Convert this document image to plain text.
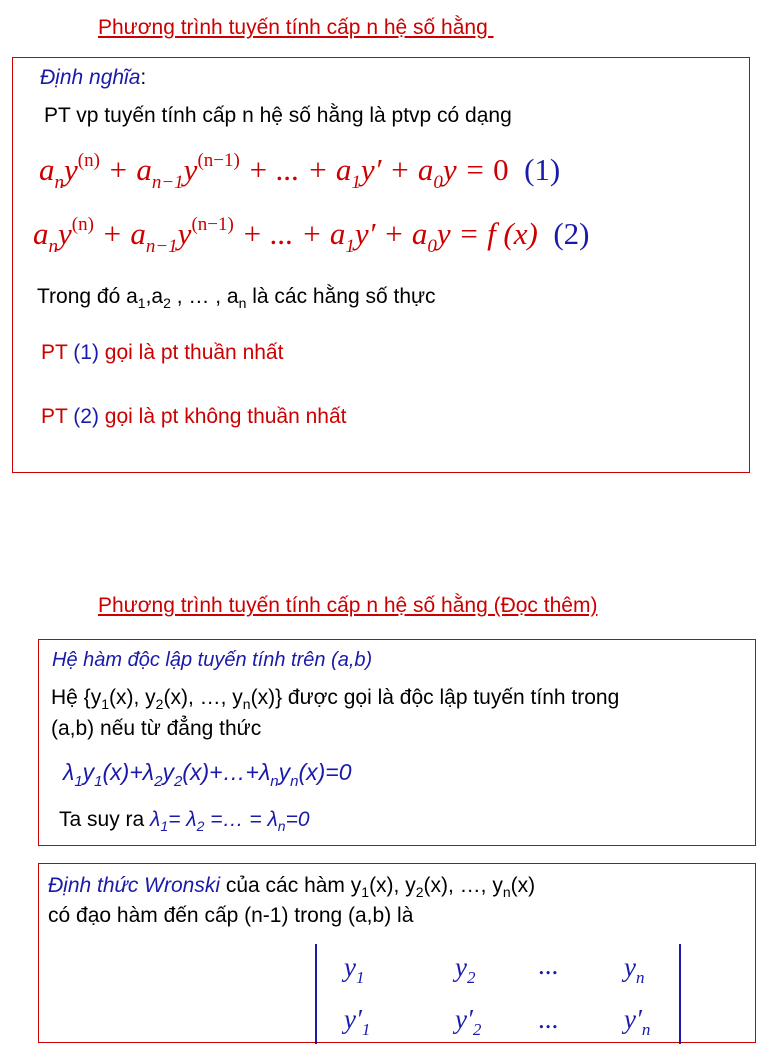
Phương trình tuyến tính cấp n hệ số hằng
Định nghĩa:
PT vp tuyến tính cấp n hệ số hằng là ptvp có dạng
$a_ny^{(n)} + a_{n-1}y^{(n-1)}$ + ... + $a_1y' + a_0y = 0$ (1)
$a_ny^{(n)} + a_{n-1}y^{(n-1)}$ + ... + $a_1y' + a_0y = f$ (x) (2)
Trong đó $a_1,a_2$ , … , $a_n$ là các hằng số thực
PT (1) gọi là pt thuần nhất
PT (2) gọi là pt không thuần nhất
Phương trình tuyến tính cấp n hệ số hằng (Đọc thêm)
Hệ hàm độc lập tuyến tính trên (a,b)
Hệ {$y_1(x)$, $y_2(x)$, …, $y_n(x)$} được gọi là độc lập tuyến tính trong
(a,b) nếu từ đẳng thức
$\lambda_1y_1(x)+\lambda_2y_2(x)+\dots+\lambda_ny_n(x)=0$
Ta suy ra $\lambda_1= \lambda_2$ =… = $\lambda_n=0$
Định thức Wronski của các hàm $y_1(x)$, $y_2(x)$, …, $y_n(x)$
có đạo hàm đến cấp (n-1) trong (a,b) là
$y_1$	$y_2$ ... $y_n$
$y'_1$	$y'_2$ ... $y'_n$
